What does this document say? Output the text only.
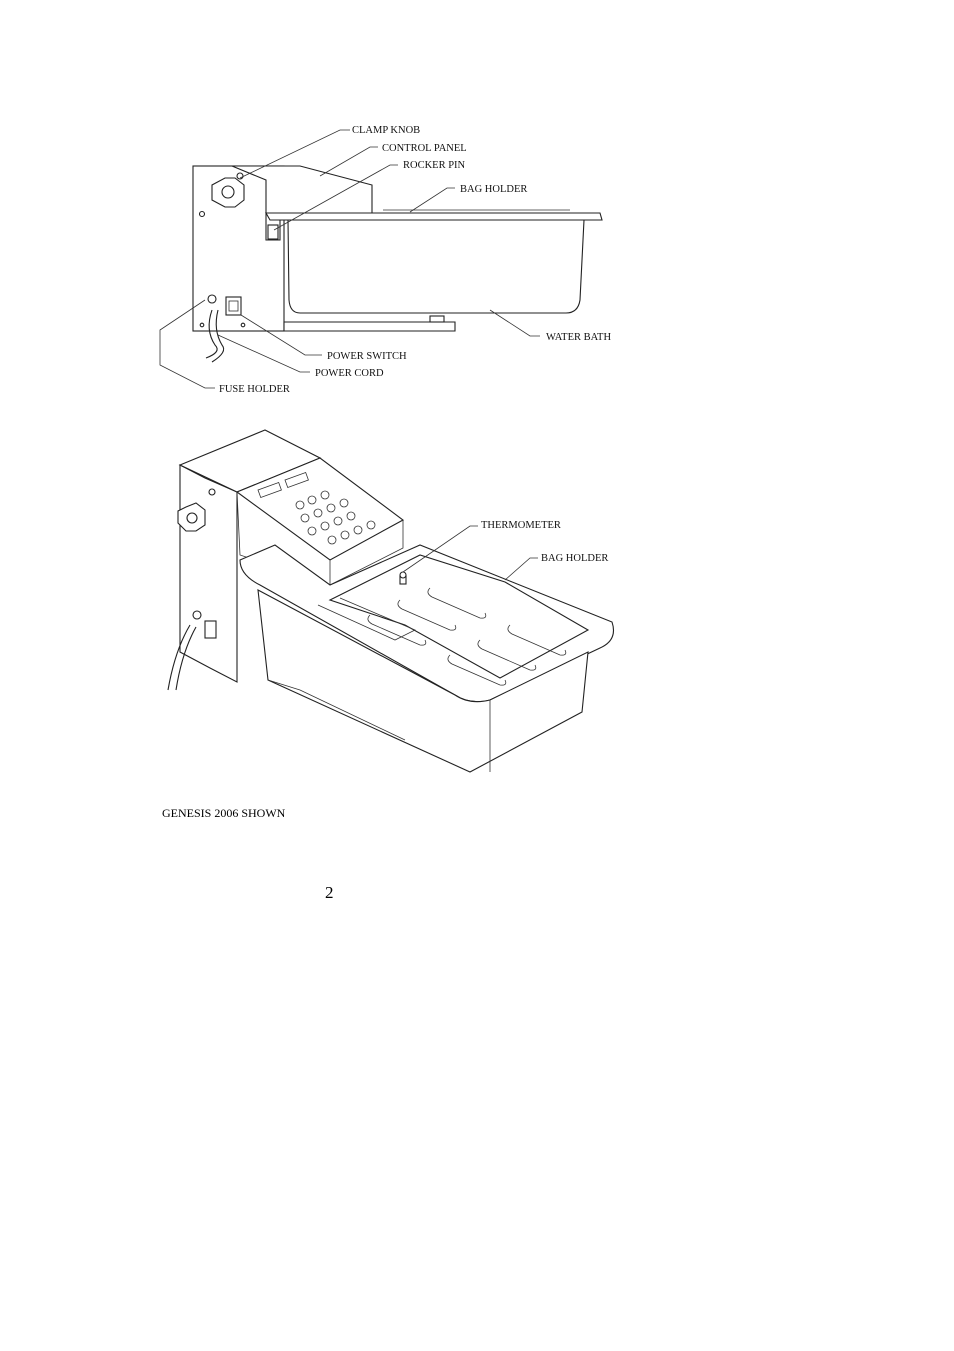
CLAMP KNOB
CONTROL PANEL
ROCKER PIN
BAG HOLDER
WATER BATH
POWER SWITCH
POWER CORD
FUSE HOLDER
THERMOMETER
BAG HOLDER
GENESIS 2006 SHOWN
2
